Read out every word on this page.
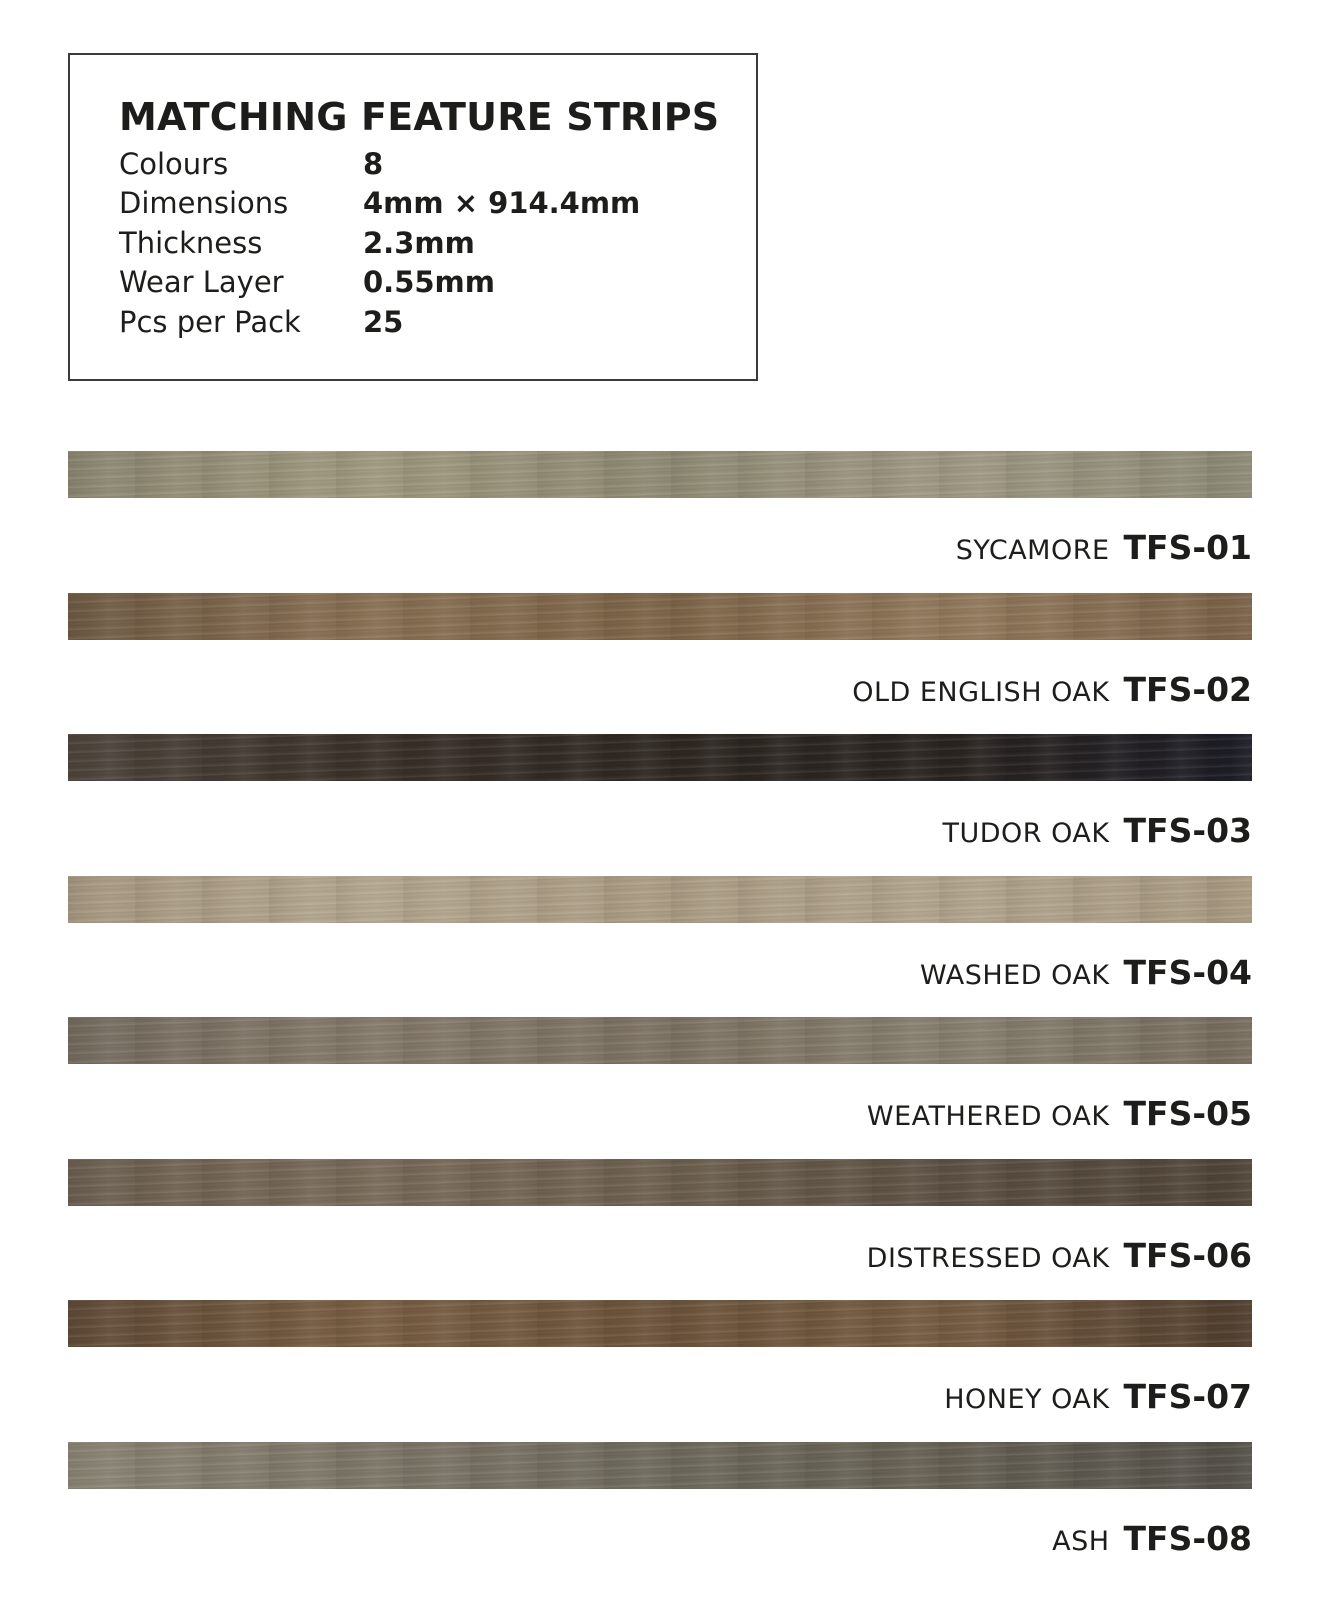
MATCHING FEATURE STRIPS
Colours	8
Dimensions	4mm × 914.4mm
Thickness	2.3mm
Wear Layer	0.55mm
Pcs per Pack	25
SYCAMORE TFS-01
OLD ENGLISH OAK TFS-02
TUDOR OAK TFS-03
WASHED OAK TFS-04
WEATHERED OAK TFS-05
DISTRESSED OAK TFS-06
HONEY OAK TFS-07
ASH TFS-08
